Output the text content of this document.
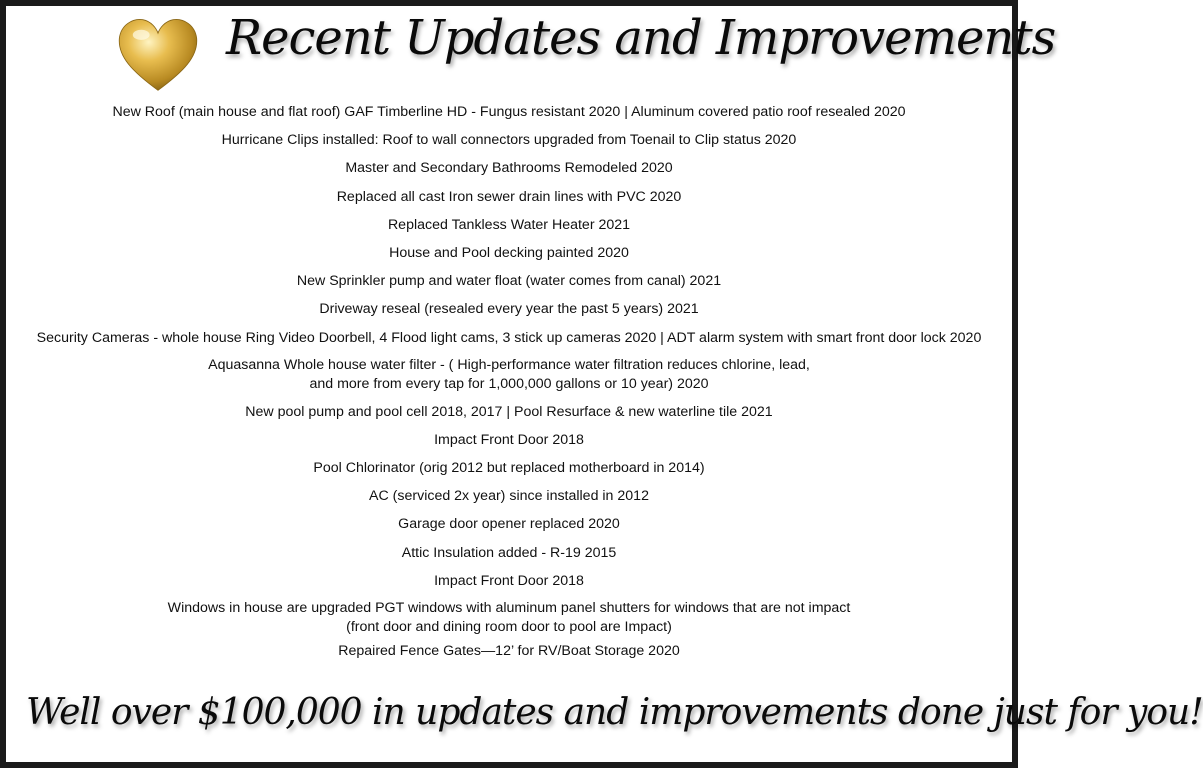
Recent Updates and Improvements
New Roof (main house and flat roof) GAF Timberline HD - Fungus resistant 2020 | Aluminum covered patio roof resealed 2020
Hurricane Clips installed: Roof to wall connectors upgraded from Toenail to Clip status 2020
Master and Secondary Bathrooms Remodeled 2020
Replaced all cast Iron sewer drain lines with PVC 2020
Replaced Tankless Water Heater 2021
House and Pool decking painted 2020
New Sprinkler pump and water float (water comes from canal) 2021
Driveway reseal (resealed every year the past 5 years) 2021
Security Cameras - whole house Ring Video Doorbell, 4 Flood light cams, 3 stick up cameras 2020 | ADT alarm system with smart front door lock 2020
Aquasanna Whole house water filter - ( High-performance water filtration reduces chlorine, lead,
and more from every tap for 1,000,000 gallons or 10 year) 2020
New pool pump and pool cell 2018, 2017 | Pool Resurface & new waterline tile 2021
Impact Front Door 2018
Pool Chlorinator (orig 2012 but replaced motherboard in 2014)
AC (serviced 2x year) since installed in 2012
Garage door opener replaced 2020
Attic Insulation added - R-19 2015
Impact Front Door 2018
Windows in house are upgraded PGT windows with aluminum panel shutters for windows that are not impact
(front door and dining room door to pool are Impact)
Repaired Fence Gates—12’ for RV/Boat Storage 2020
Well over $100,000 in updates and improvements done just for you!
